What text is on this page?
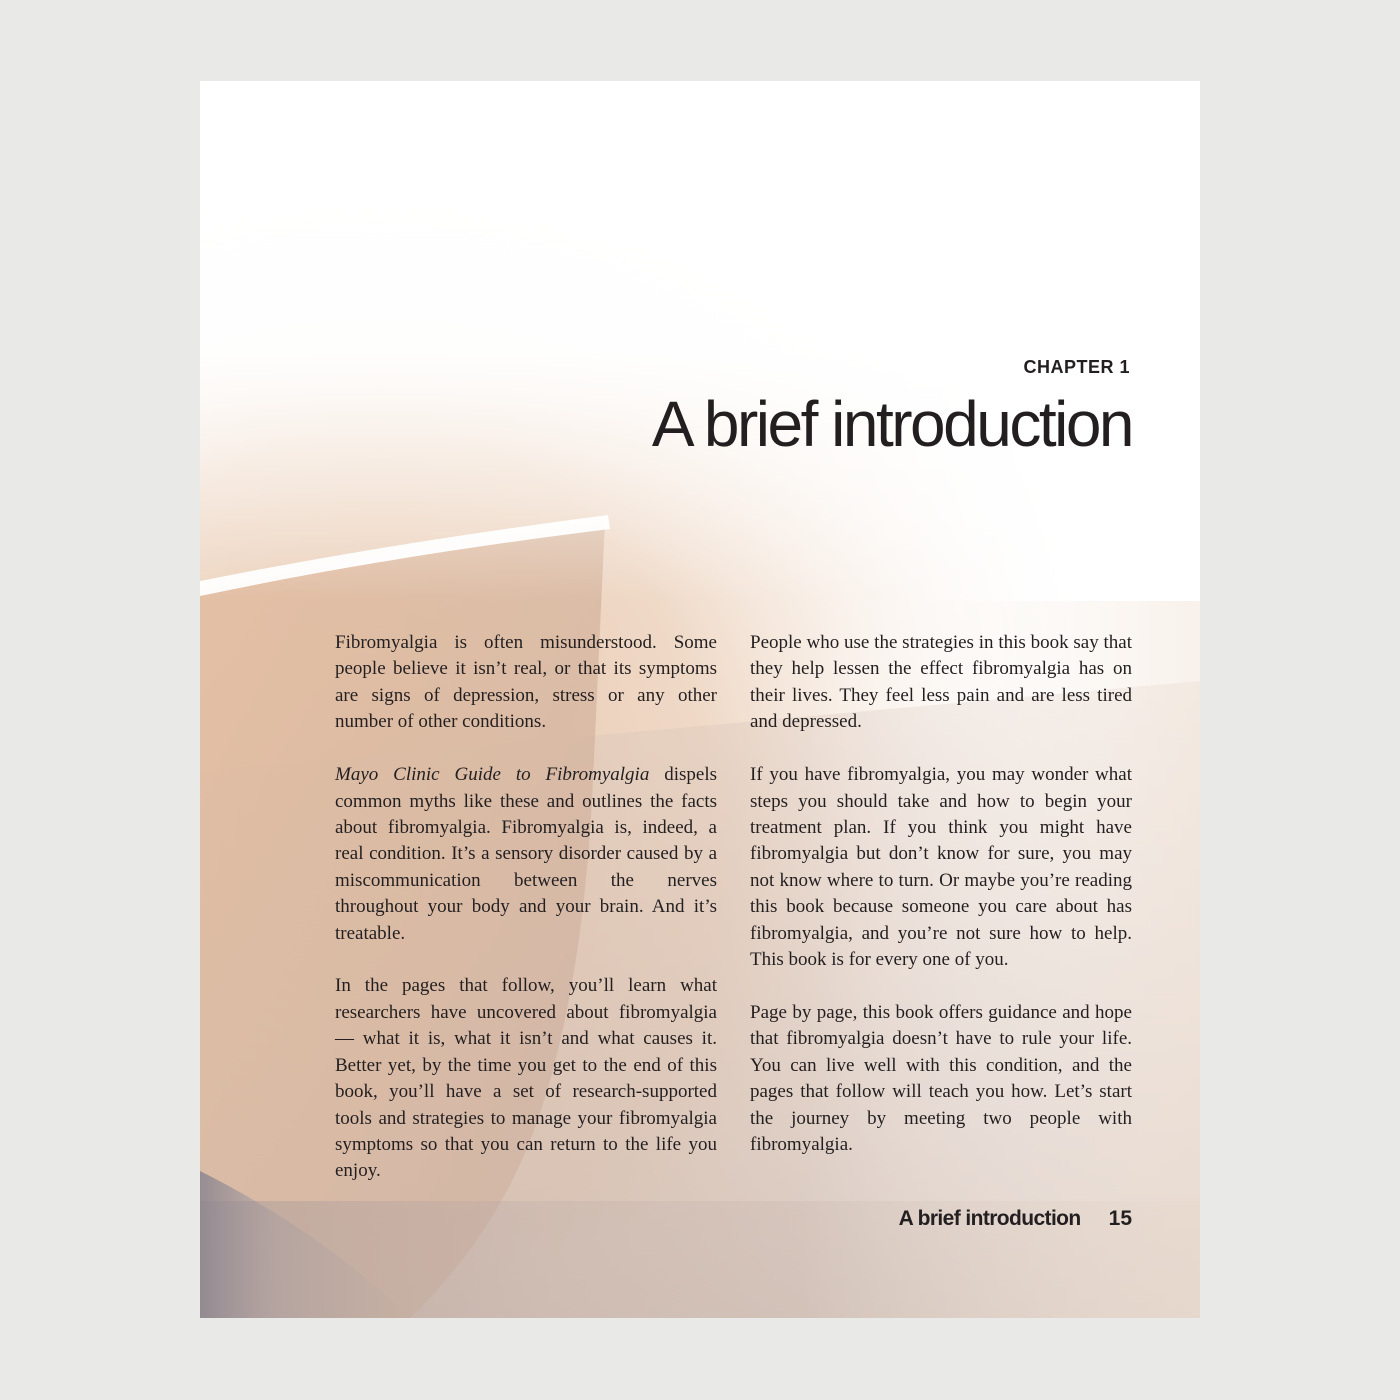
CHAPTER 1
A brief introduction

Fibromyalgia is often misunderstood. Some people believe it isn’t real, or that its symptoms are signs of depression, stress or any other number of other conditions.

Mayo Clinic Guide to Fibromyalgia dispels common myths like these and outlines the facts about fibromyalgia. Fibromyalgia is, indeed, a real condition. It’s a sensory disorder caused by a miscommunication between the nerves throughout your body and your brain. And it’s treatable.

In the pages that follow, you’ll learn what researchers have uncovered about fibromyalgia — what it is, what it isn’t and what causes it. Better yet, by the time you get to the end of this book, you’ll have a set of research-supported tools and strategies to manage your fibromyalgia symptoms so that you can return to the life you enjoy.

People who use the strategies in this book say that they help lessen the effect fibromyalgia has on their lives. They feel less pain and are less tired and depressed.

If you have fibromyalgia, you may wonder what steps you should take and how to begin your treatment plan. If you think you might have fibromyalgia but don’t know for sure, you may not know where to turn. Or maybe you’re reading this book because someone you care about has fibromyalgia, and you’re not sure how to help. This book is for every one of you.

Page by page, this book offers guidance and hope that fibromyalgia doesn’t have to rule your life. You can live well with this condition, and the pages that follow will teach you how. Let’s start the journey by meeting two people with fibromyalgia.

A brief introduction 15
